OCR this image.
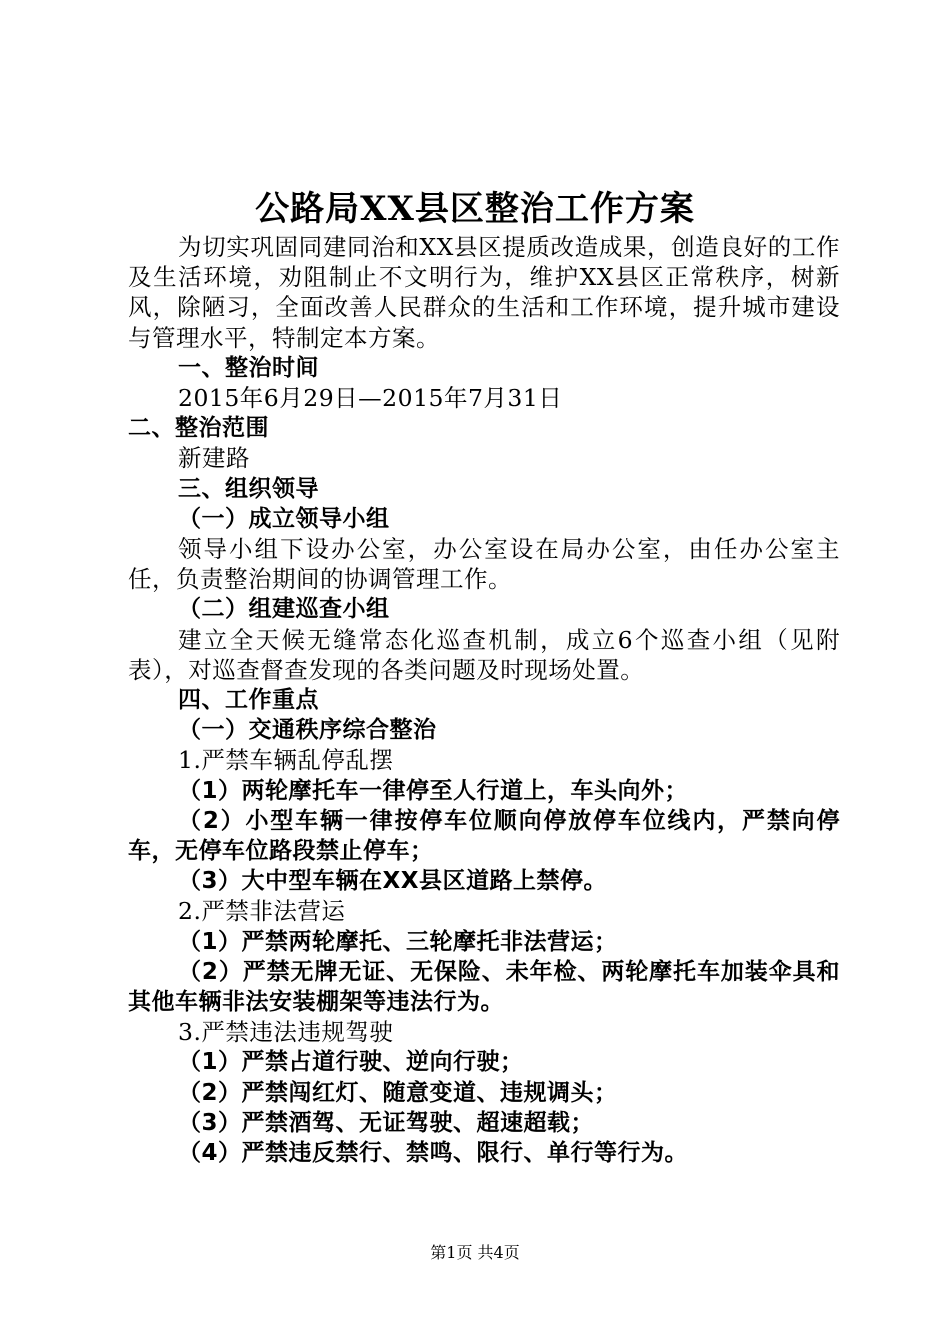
公路局XX县区整治工作方案

为切实巩固同建同治和XX县区提质改造成果，创造良好的工作及生活环境，劝阻制止不文明行为，维护XX县区正常秩序，树新风，除陋习，全面改善人民群众的生活和工作环境，提升城市建设与管理水平，特制定本方案。

一、整治时间

2015年6月29日—2015年7月31日

二、整治范围

新建路

三、组织领导

（一）成立领导小组

领导小组下设办公室，办公室设在局办公室，由任办公室主任，负责整治期间的协调管理工作。

（二）组建巡查小组

建立全天候无缝常态化巡查机制，成立6个巡查小组（见附表），对巡查督查发现的各类问题及时现场处置。

四、工作重点

（一）交通秩序综合整治

1.严禁车辆乱停乱摆

（1）两轮摩托车一律停至人行道上，车头向外；

（2）小型车辆一律按停车位顺向停放停车位线内，严禁向停车，无停车位路段禁止停车；

（3）大中型车辆在XX县区道路上禁停。

2.严禁非法营运

（1）严禁两轮摩托、三轮摩托非法营运；

（2）严禁无牌无证、无保险、未年检、两轮摩托车加装伞具和其他车辆非法安装棚架等违法行为。

3.严禁违法违规驾驶

（1）严禁占道行驶、逆向行驶；

（2）严禁闯红灯、随意变道、违规调头；

（3）严禁酒驾、无证驾驶、超速超载；

（4）严禁违反禁行、禁鸣、限行、单行等行为。

第1页 共4页
